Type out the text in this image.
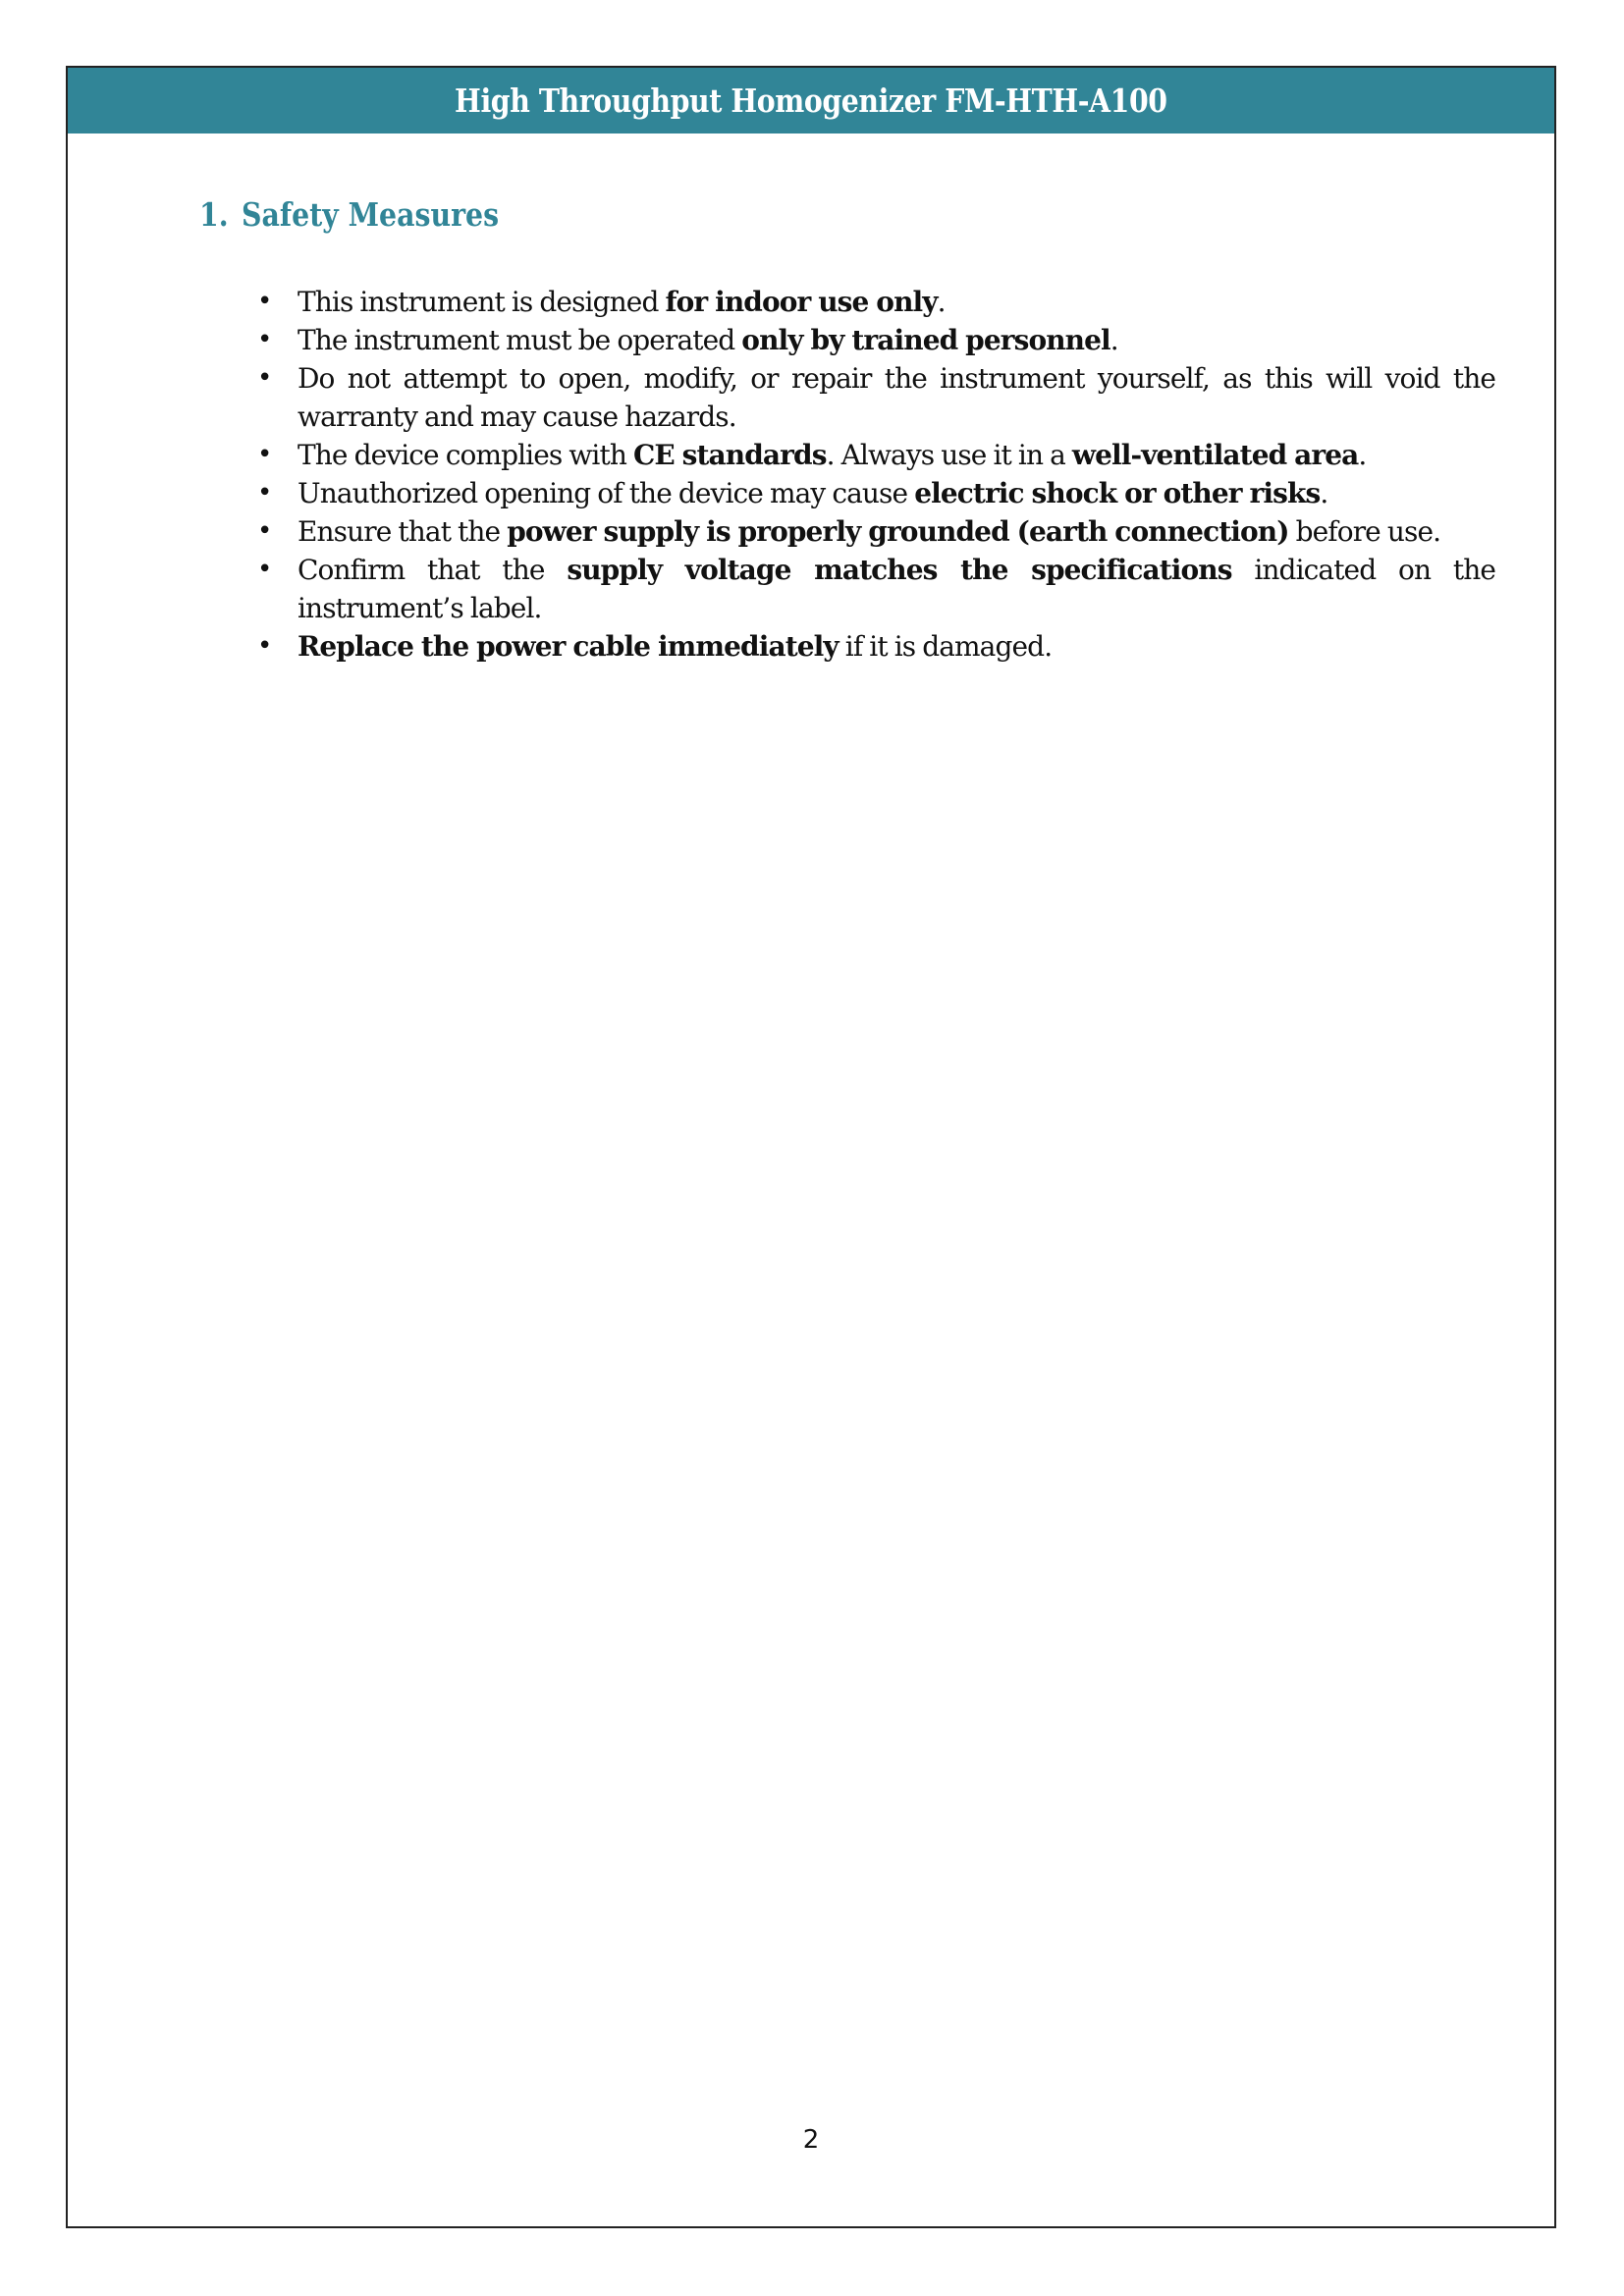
High Throughput Homogenizer FM-HTH-A100
1. Safety Measures
• This instrument is designed for indoor use only.
• The instrument must be operated only by trained personnel.
• Do not attempt to open, modify, or repair the instrument yourself, as this will void the warranty and may cause hazards.
• The device complies with CE standards. Always use it in a well-ventilated area.
• Unauthorized opening of the device may cause electric shock or other risks.
• Ensure that the power supply is properly grounded (earth connection) before use.
• Confirm that the supply voltage matches the specifications indicated on the instrument’s label.
• Replace the power cable immediately if it is damaged.
2
